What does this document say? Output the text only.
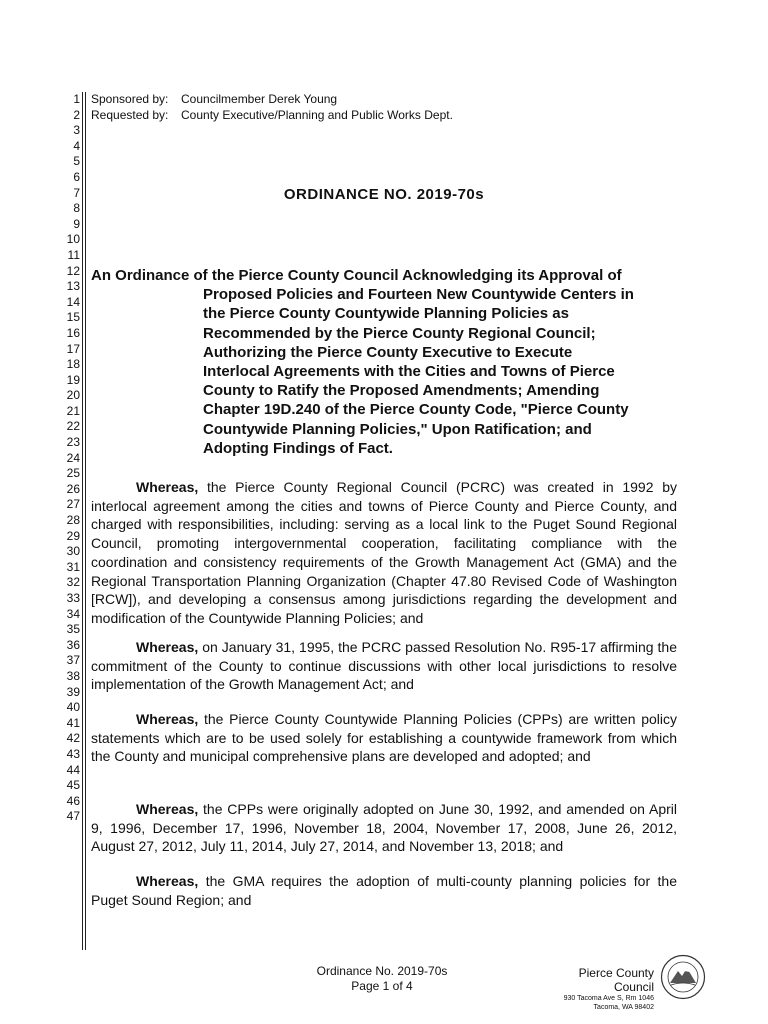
1
2
3
4
5
6
7
8
9
10
11
12
13
14
15
16
17
18
19
20
21
22
23
24
25
26
27
28
29
30
31
32
33
34
35
36
37
38
39
40
41
42
43
44
45
46
47
Sponsored by: Councilmember Derek Young
Requested by: County Executive/Planning and Public Works Dept.
ORDINANCE NO. 2019-70s
An Ordinance of the Pierce County Council Acknowledging its Approval of
Proposed Policies and Fourteen New Countywide Centers in
the Pierce County Countywide Planning Policies as
Recommended by the Pierce County Regional Council;
Authorizing the Pierce County Executive to Execute
Interlocal Agreements with the Cities and Towns of Pierce
County to Ratify the Proposed Amendments; Amending
Chapter 19D.240 of the Pierce County Code, "Pierce County
Countywide Planning Policies," Upon Ratification; and
Adopting Findings of Fact.
Whereas, the Pierce County Regional Council (PCRC) was created in 1992 by interlocal agreement among the cities and towns of Pierce County and Pierce County, and charged with responsibilities, including: serving as a local link to the Puget Sound Regional Council, promoting intergovernmental cooperation, facilitating compliance with the coordination and consistency requirements of the Growth Management Act (GMA) and the Regional Transportation Planning Organization (Chapter 47.80 Revised Code of Washington [RCW]), and developing a consensus among jurisdictions regarding the development and modification of the Countywide Planning Policies; and
Whereas, on January 31, 1995, the PCRC passed Resolution No. R95-17 affirming the commitment of the County to continue discussions with other local jurisdictions to resolve implementation of the Growth Management Act; and
Whereas, the Pierce County Countywide Planning Policies (CPPs) are written policy statements which are to be used solely for establishing a countywide framework from which the County and municipal comprehensive plans are developed and adopted; and
Whereas, the CPPs were originally adopted on June 30, 1992, and amended on April 9, 1996, December 17, 1996, November 18, 2004, November 17, 2008, June 26, 2012, August 27, 2012, July 11, 2014, July 27, 2014, and November 13, 2018; and
Whereas, the GMA requires the adoption of multi-county planning policies for the Puget Sound Region; and
Ordinance No. 2019-70s
Page 1 of 4
Pierce County Council
930 Tacoma Ave S, Rm 1046
Tacoma, WA 98402
